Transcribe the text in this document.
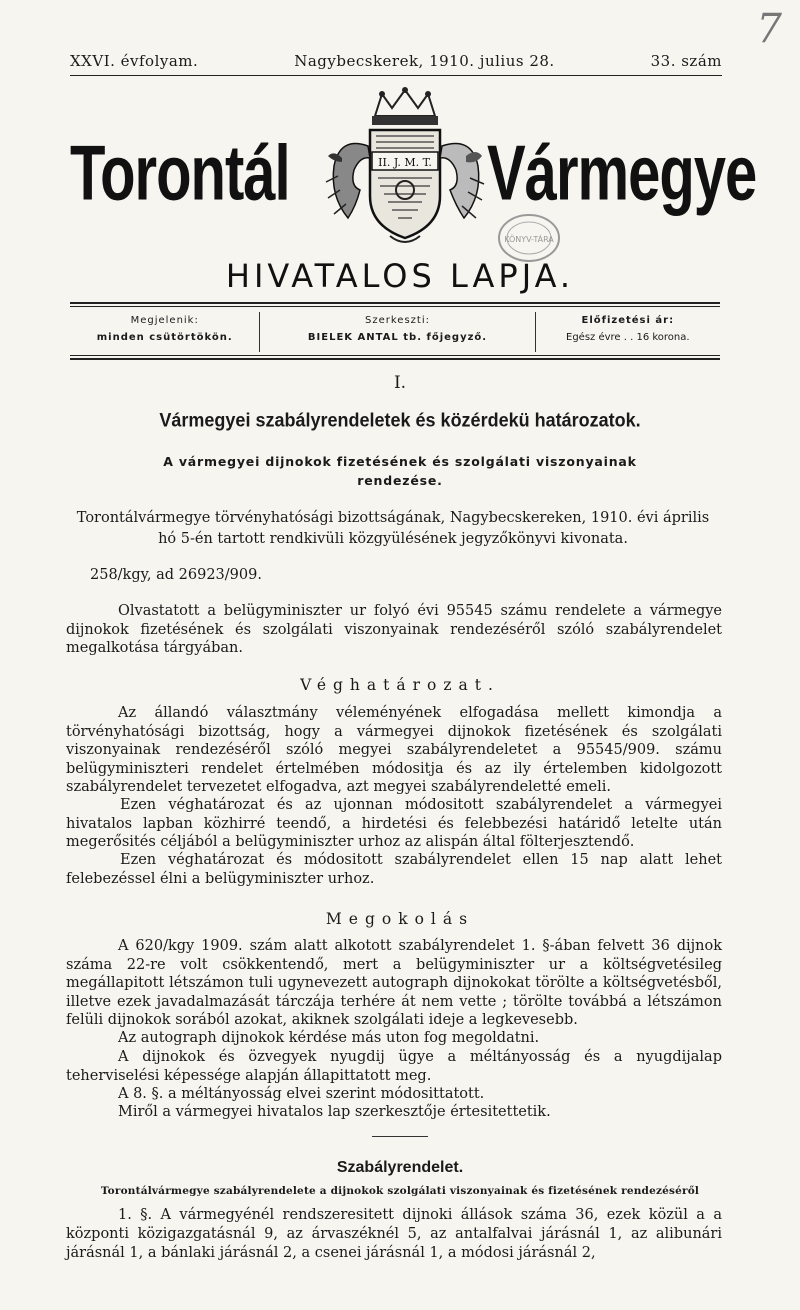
7
XXVI. évfolyam.	Nagybecskerek, 1910. julius 28.	33. szám
Torontál	Vármegye
II. J. M. T.
KÖNYV-TÁRA
HIVATALOS LAPJA.
Megjelenik:
minden csütörtökön.
Szerkeszti:
BIELEK ANTAL tb. főjegyző.
Előfizetési ár:
Egész évre . . 16 korona.
I.
Vármegyei szabályrendeletek és közérdekü határozatok.
A vármegyei dijnokok fizetésének és szolgálati viszonyainak
rendezése.
Torontálvármegye törvényhatósági bizottságának, Nagybecskereken, 1910. évi április
hó 5-én tartott rendkivüli közgyülésének jegyzőkönyvi kivonata.
258/kgy, ad 26923/909.
Olvastatott a belügyminiszter ur folyó évi 95545 számu rendelete a vármegye dijnokok fizetésének és szolgálati viszonyainak rendezéséről szóló szabályrendelet megalkotása tárgyában.
Véghatározat.
Az állandó választmány véleményének elfogadása mellett kimondja a törvényhatósági bizottság, hogy a vármegyei dijnokok fizetésének és szolgálati viszonyainak rendezéséről szóló megyei szabályrendeletet a 95545/909. számu belügyminiszteri rendelet értelmében módositja és az ily értelemben kidolgozott szabályrendelet tervezetet elfogadva, azt megyei szabályrendeletté emeli.
Ezen véghatározat és az ujonnan módositott szabályrendelet a vármegyei hivatalos lapban közhirré teendő, a hirdetési és felebbezési határidő letelte után megerősités céljából a belügyminiszter urhoz az alispán által fölterjesztendő.
Ezen véghatározat és módositott szabályrendelet ellen 15 nap alatt lehet felebezéssel élni a belügyminiszter urhoz.
Megokolás
A 620/kgy 1909. szám alatt alkotott szabályrendelet 1. §-ában felvett 36 dijnok száma 22-re volt csökkentendő, mert a belügyminiszter ur a költségvetésileg megállapitott létszámon tuli ugynevezett autograph dijnokokat törölte a költségvetésből, illetve ezek javadalmazását tárczája terhére át nem vette ; törölte továbbá a létszámon felüli dijnokok sorából azokat, akiknek szolgálati ideje a legkevesebb.
Az autograph dijnokok kérdése más uton fog megoldatni.
A dijnokok és özvegyek nyugdij ügye a méltányosság és a nyugdijalap teherviselési képessége alapján állapittatott meg.
A 8. §. a méltányosság elvei szerint módosittatott.
Miről a vármegyei hivatalos lap szerkesztője értesitettetik.
Szabályrendelet.
Torontálvármegye szabályrendelete a dijnokok szolgálati viszonyainak és fizetésének rendezéséről
1. §. A vármegyénél rendszeresitett dijnoki állások száma 36, ezek közül a a központi közigazgatásnál 9, az árvaszéknél 5, az antalfalvai járásnál 1, az alibunári járásnál 1, a bánlaki járásnál 2, a csenei járásnál 1, a módosi járásnál 2,
